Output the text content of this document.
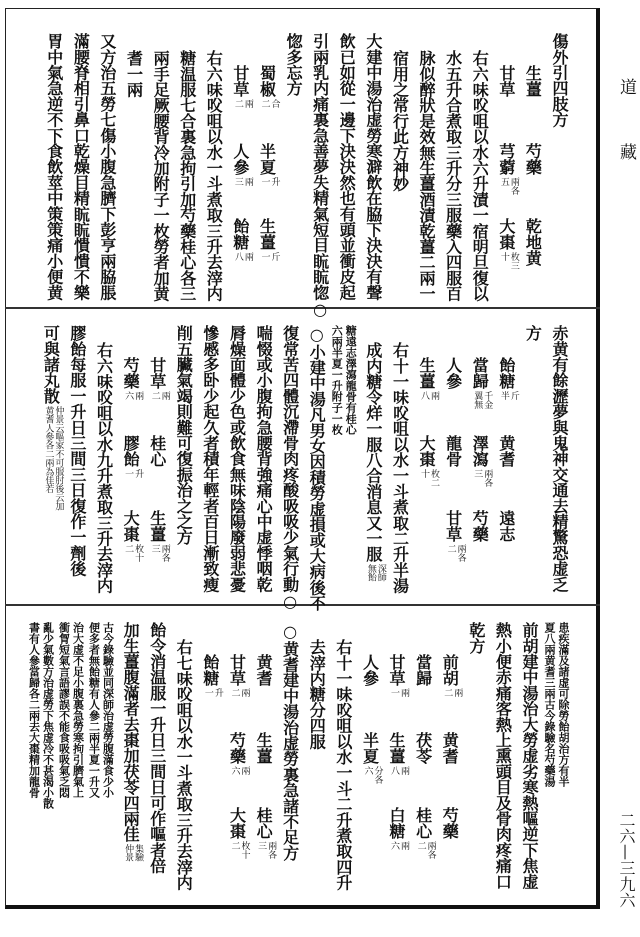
傷外引四肢方
生薑
芍藥
乾地黄
甘草
芎藭兩各五
大棗枚三十
右六味㕮咀以水六升漬一宿明旦復以
水五升合煮取三升分三服藥入四服百
脉似醉狀是效無生薑酒漬乾薑二兩一
宿用之常行此方神妙
大建中湯治虚勞寒澼飲在脇下決決有聲
飲已如從一邊下決決然也有頭並衝皮起
引兩乳内痛裏急善夢失精氣短目䀮䀮惚○
惚多忘方
蜀椒合二
半夏升一
生薑斤一
甘草兩二
人參兩三
飴糖兩八
右六味㕮咀以水一斗煮取三升去滓内
糖温服七合裏急拘引加芍藥桂心各三
兩手足厥腰背冷加附子一枚勞者加黄
耆一兩
又方治五勞七傷小腹急臍下彭亨兩脇脹
滿腰脊相引鼻口乾燥目精䀮䀮憒憒不樂
胃中氣急逆不下食飲莖中策策痛小便黄
赤黄有餘瀝夢與鬼神交通去精驚恐虚乏
方
飴糖斤半
黄耆
遠志
當歸千金翼無
澤瀉兩各三
芍藥
人參
龍骨
甘草兩各二
生薑兩八
大棗枚二十
右十一味㕮咀以水一斗煮取二升半湯
成内糖令烊一服八合消息又一服深師無飴
糖遠志澤瀉龍骨有桂心六兩半夏一升附子一枚
○小建中湯凡男女因積勞虚損或大病後不
復常苦四體沉滯骨肉疼酸吸吸少氣行動○
喘惙或小腹拘急腰背強痛心中虚悸咽乾
脣燥面體少色或飲食無味陰陽廢弱悲憂
慘慼多卧少起久者積年輕者百日漸致瘦
削五臟氣竭則難可復振治之之方
甘草兩二
桂心
生薑兩各三
芍藥兩六
膠飴升一
大棗枚十二
右六味㕮咀以水九升煮取三升去滓内
膠飴每服一升日三間三日復作一劑後
可與諸丸散仲景云嘔家不可服肘後云加黄耆人參各二兩為佳若
患疾滿及諸虚可除勞飴胡治方有半夏八兩黄耆三兩古今錄驗名芍藥湯
前胡建中湯治大勞虚劣寒熱嘔逆下焦虚
熱小便赤痛客熱上熏頭目及骨肉疼痛口
乾方
前胡兩二
黄耆
芍藥
當歸
茯苓
桂心兩各二
甘草兩一
生薑兩八
白糖兩六
人參
半夏分各六
右十一味㕮咀以水一斗二升煮取四升
去滓内糖分四服
○黄耆建中湯治虚勞裏急諸不足方
黄耆
生薑
桂心兩各三
甘草兩二
芍藥兩六
大棗枚十二
飴糖升一
右七味㕮咀以水一斗煮取三升去滓内
飴令消温服一升日三間日可作嘔者倍
加生薑腹滿者去棗加茯苓四兩佳集驗仲景
古今錄驗並同深師治虚勞腹滿食少小便多者無飴糖有人參二兩半夏一升又
治大虚不足小腹裏急勞寒拘引臍氣上衝胷短氣言語謬誤不能食吸吸氣乏悶
亂少氣數方治虚勞下焦虚冷不甚渴小散書有人參當歸各二兩去大棗精加龍骨
道
藏
二六—三九六
